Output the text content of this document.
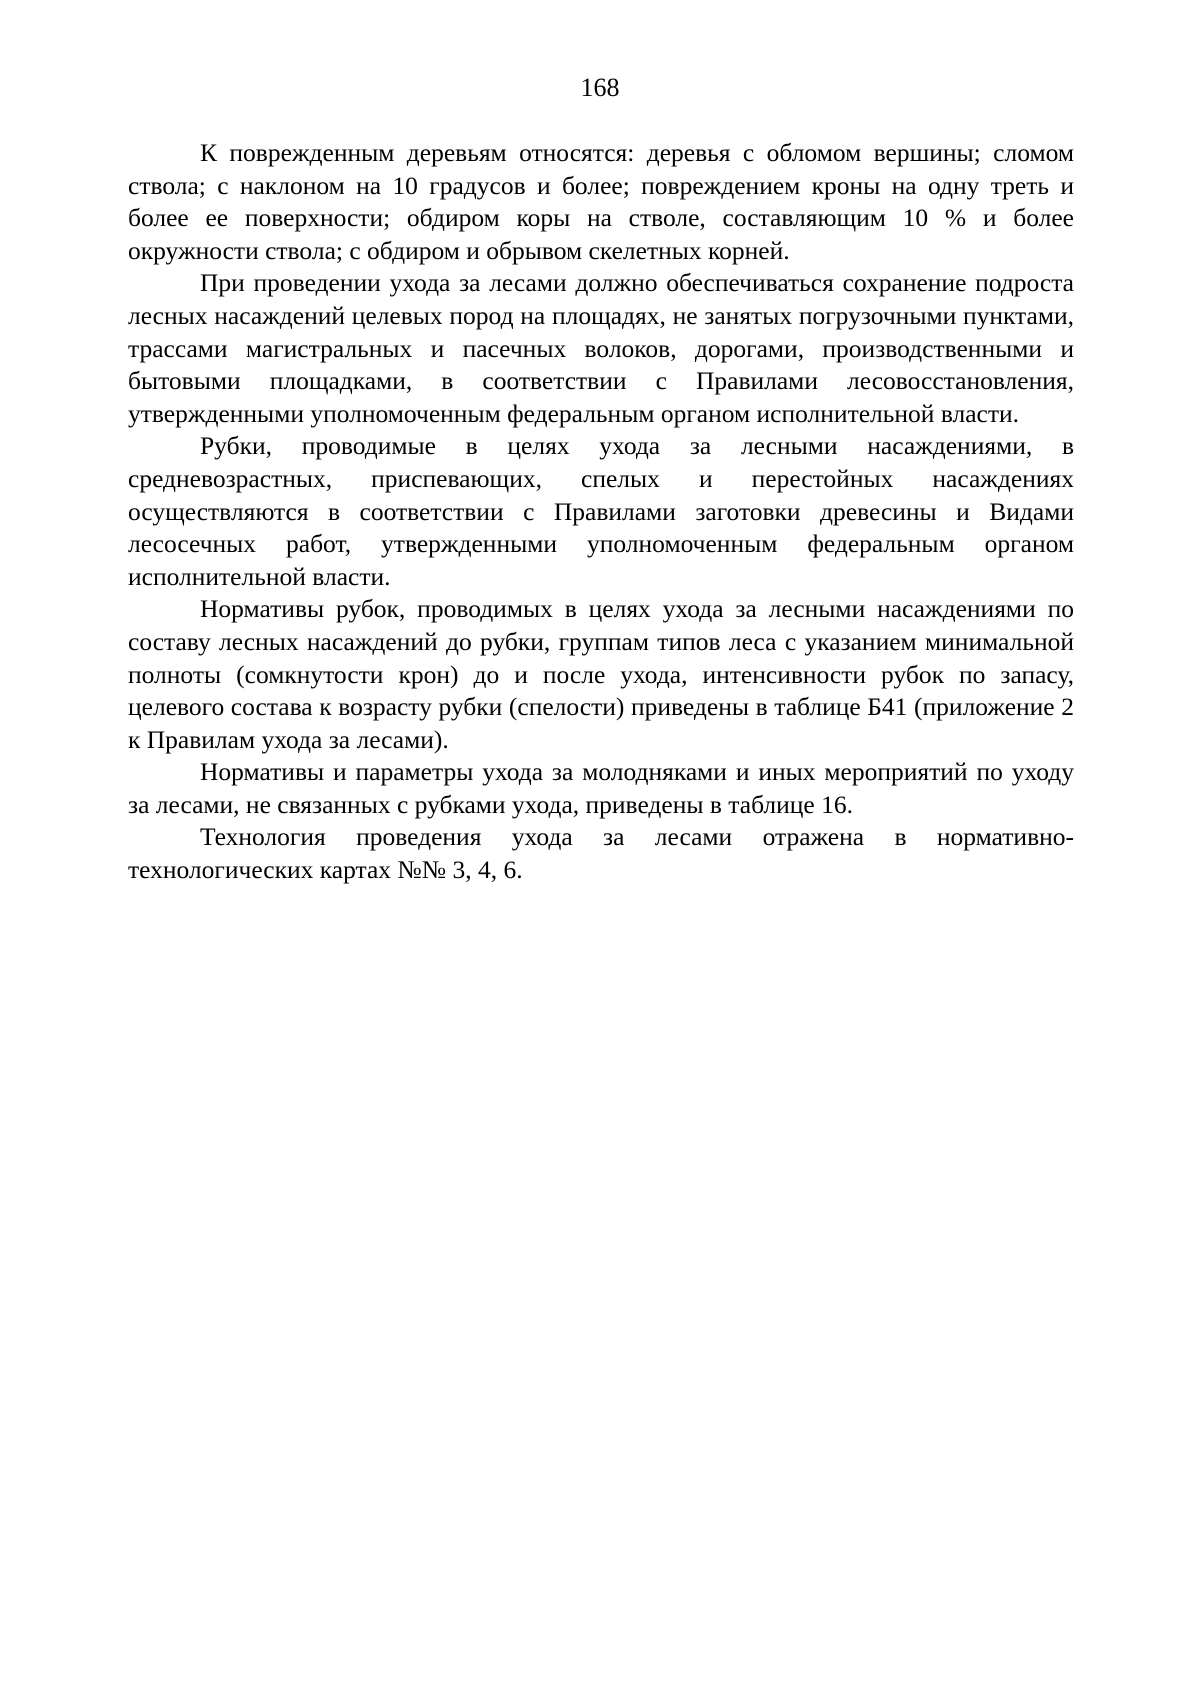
168

К поврежденным деревьям относятся: деревья с обломом вершины; сломом ствола; с наклоном на 10 градусов и более; повреждением кроны на одну треть и более ее поверхности; обдиром коры на стволе, составляющим 10 % и более окружности ствола; с обдиром и обрывом скелетных корней.

При проведении ухода за лесами должно обеспечиваться сохранение подроста лесных насаждений целевых пород на площадях, не занятых погрузочными пунктами, трассами магистральных и пасечных волоков, дорогами, производственными и бытовыми площадками, в соответствии с Правилами лесовосстановления, утвержденными уполномоченным федеральным органом исполнительной власти.

Рубки, проводимые в целях ухода за лесными насаждениями, в средневозрастных, приспевающих, спелых и перестойных насаждениях осуществляются в соответствии с Правилами заготовки древесины и Видами лесосечных работ, утвержденными уполномоченным федеральным органом исполнительной власти.

Нормативы рубок, проводимых в целях ухода за лесными насаждениями по составу лесных насаждений до рубки, группам типов леса с указанием минимальной полноты (сомкнутости крон) до и после ухода, интенсивности рубок по запасу, целевого состава к возрасту рубки (спелости) приведены в таблице Б41 (приложение 2 к Правилам ухода за лесами).

Нормативы и параметры ухода за молодняками и иных мероприятий по уходу за лесами, не связанных с рубками ухода, приведены в таблице 16.

Технология проведения ухода за лесами отражена в нормативно-технологических картах №№ 3, 4, 6.
